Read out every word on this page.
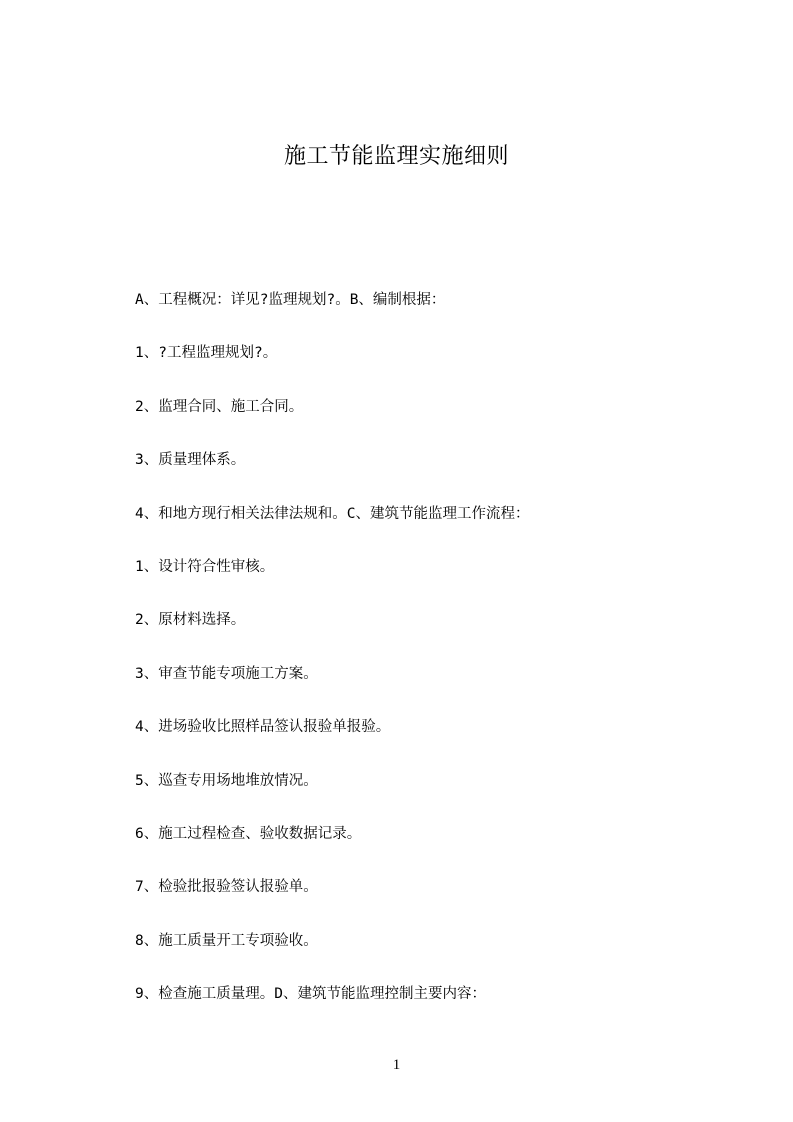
施工节能监理实施细则
A、工程概况：详见?监理规划?。B、编制根据：
1、?工程监理规划?。
2、监理合同、施工合同。
3、质量理体系。
4、和地方现行相关法律法规和。C、建筑节能监理工作流程：
1、设计符合性审核。
2、原材料选择。
3、审查节能专项施工方案。
4、进场验收比照样品签认报验单报验。
5、巡查专用场地堆放情况。
6、施工过程检查、验收数据记录。
7、检验批报验签认报验单。
8、施工质量开工专项验收。
9、检查施工质量理。D、建筑节能监理控制主要内容：
1
